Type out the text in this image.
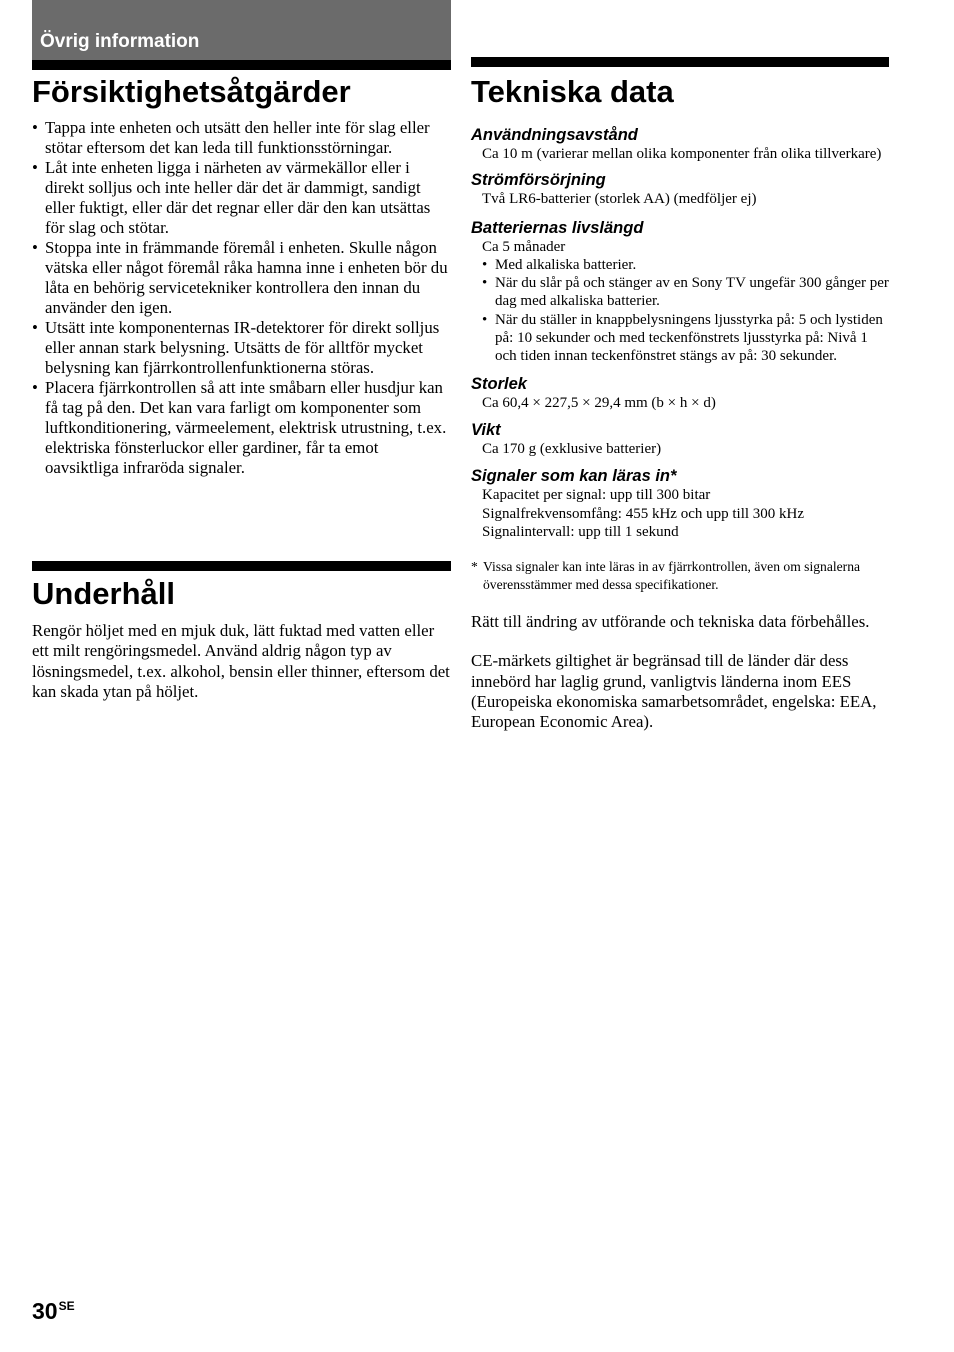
Övrig information
Försiktighetsåtgärder
• Tappa inte enheten och utsätt den heller inte för slag eller stötar eftersom det kan leda till funktionsstörningar.
• Låt inte enheten ligga i närheten av värmekällor eller i direkt solljus och inte heller där det är dammigt, sandigt eller fuktigt, eller där det regnar eller där den kan utsättas för slag och stötar.
• Stoppa inte in främmande föremål i enheten. Skulle någon vätska eller något föremål råka hamna inne i enheten bör du låta en behörig servicetekniker kontrollera den innan du använder den igen.
• Utsätt inte komponenternas IR-detektorer för direkt solljus eller annan stark belysning. Utsätts de för alltför mycket belysning kan fjärrkontrollenfunktionerna störas.
• Placera fjärrkontrollen så att inte småbarn eller husdjur kan få tag på den. Det kan vara farligt om komponenter som luftkonditionering, värmeelement, elektrisk utrustning, t.ex. elektriska fönsterluckor eller gardiner, får ta emot oavsiktliga infraröda signaler.
Underhåll

Rengör höljet med en mjuk duk, lätt fuktad med vatten eller ett milt rengöringsmedel. Använd aldrig någon typ av lösningsmedel, t.ex. alkohol, bensin eller thinner, eftersom det kan skada ytan på höljet.

Tekniska data

Användningsavstånd

Ca 10 m (varierar mellan olika komponenter från olika tillverkare)

Strömförsörjning

Två LR6-batterier (storlek AA) (medföljer ej)

Batteriernas livslängd

Ca 5 månader

• Med alkaliska batterier.
• När du slår på och stänger av en Sony TV ungefär 300 gånger per dag med alkaliska batterier.
• När du ställer in knappbelysningens ljusstyrka på: 5 och lystiden på: 10 sekunder och med teckenfönstrets ljusstyrka på: Nivå 1 och tiden innan teckenfönstret stängs av på: 30 sekunder.

Storlek

Ca 60,4 × 227,5 × 29,4 mm (b × h × d)

Vikt

Ca 170 g (exklusive batterier)

Signaler som kan läras in*

Kapacitet per signal: upp till 300 bitar

Signalfrekvensomfång: 455 kHz och upp till 300 kHz

Signalintervall: upp till 1 sekund

* Vissa signaler kan inte läras in av fjärrkontrollen, även om signalerna överensstämmer med dessa specifikationer.

Rätt till ändring av utförande och tekniska data förbehålles.

CE-märkets giltighet är begränsad till de länder där dess innebörd har laglig grund, vanligtvis länderna inom EES (Europeiska ekonomiska samarbetsområdet, engelska: EEA, European Economic Area).

$30^{SE}$
